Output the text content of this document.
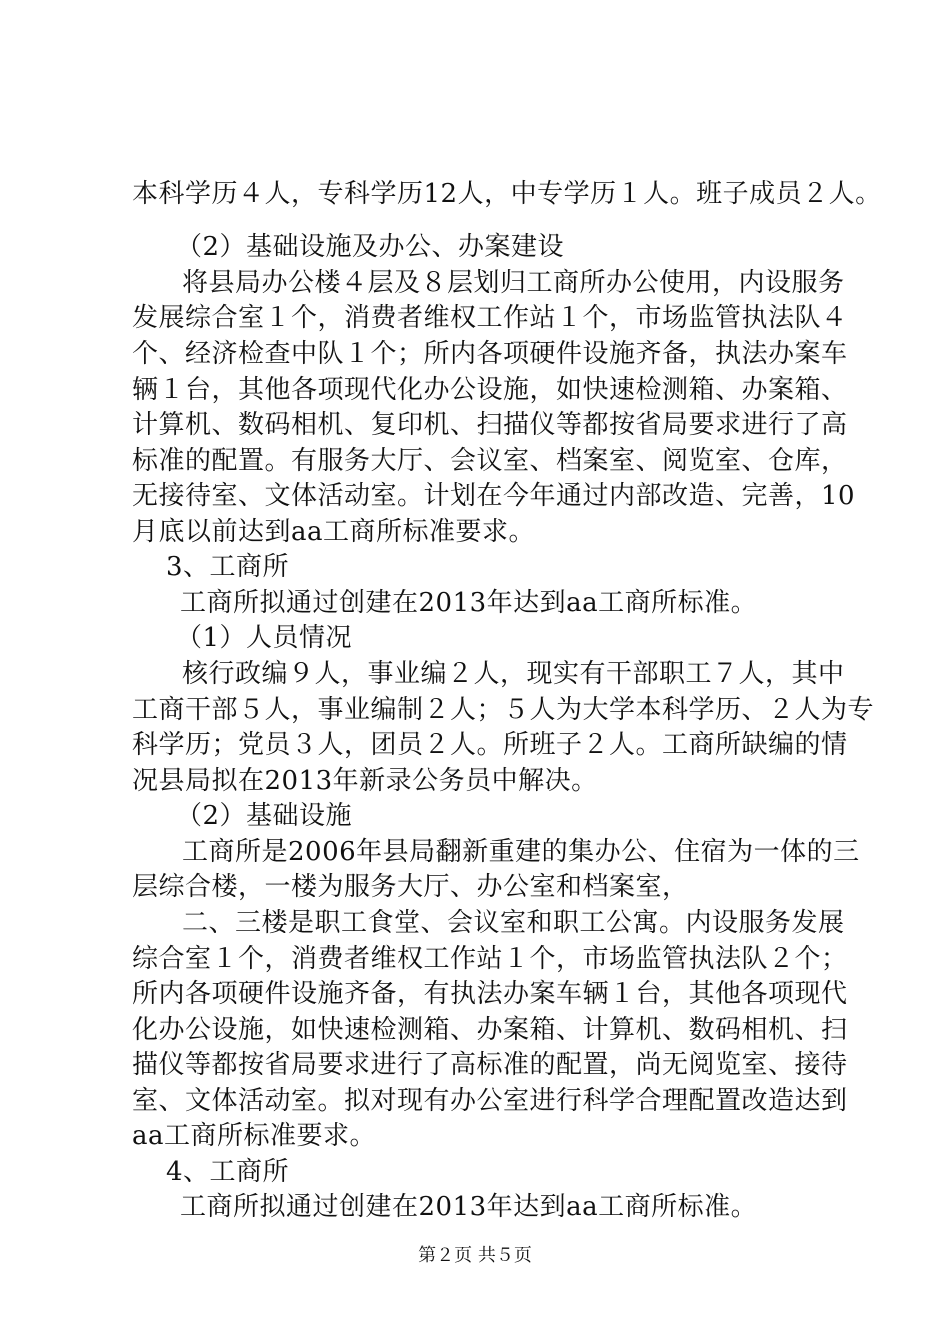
本科学历４人，专科学历12人，中专学历１人。班子成员２人。
（2）基础设施及办公、办案建设
将县局办公楼４层及８层划归工商所办公使用，内设服务
发展综合室１个，消费者维权工作站１个，市场监管执法队４
个、经济检查中队１个；所内各项硬件设施齐备，执法办案车
辆１台，其他各项现代化办公设施，如快速检测箱、办案箱、
计算机、数码相机、复印机、扫描仪等都按省局要求进行了高
标准的配置。有服务大厅、会议室、档案室、阅览室、仓库，
无接待室、文体活动室。计划在今年通过内部改造、完善，10
月底以前达到aa工商所标准要求。
3、工商所
工商所拟通过创建在2013年达到aa工商所标准。
（1）人员情况
核行政编９人，事业编２人，现实有干部职工７人，其中
工商干部５人，事业编制２人；５人为大学本科学历、２人为专
科学历；党员３人，团员２人。所班子２人。工商所缺编的情
况县局拟在2013年新录公务员中解决。
（2）基础设施
工商所是2006年县局翻新重建的集办公、住宿为一体的三
层综合楼，一楼为服务大厅、办公室和档案室，
二、三楼是职工食堂、会议室和职工公寓。内设服务发展
综合室１个，消费者维权工作站１个，市场监管执法队２个；
所内各项硬件设施齐备，有执法办案车辆１台，其他各项现代
化办公设施，如快速检测箱、办案箱、计算机、数码相机、扫
描仪等都按省局要求进行了高标准的配置，尚无阅览室、接待
室、文体活动室。拟对现有办公室进行科学合理配置改造达到
aa工商所标准要求。
4、工商所
工商所拟通过创建在2013年达到aa工商所标准。
第２页 共５页
